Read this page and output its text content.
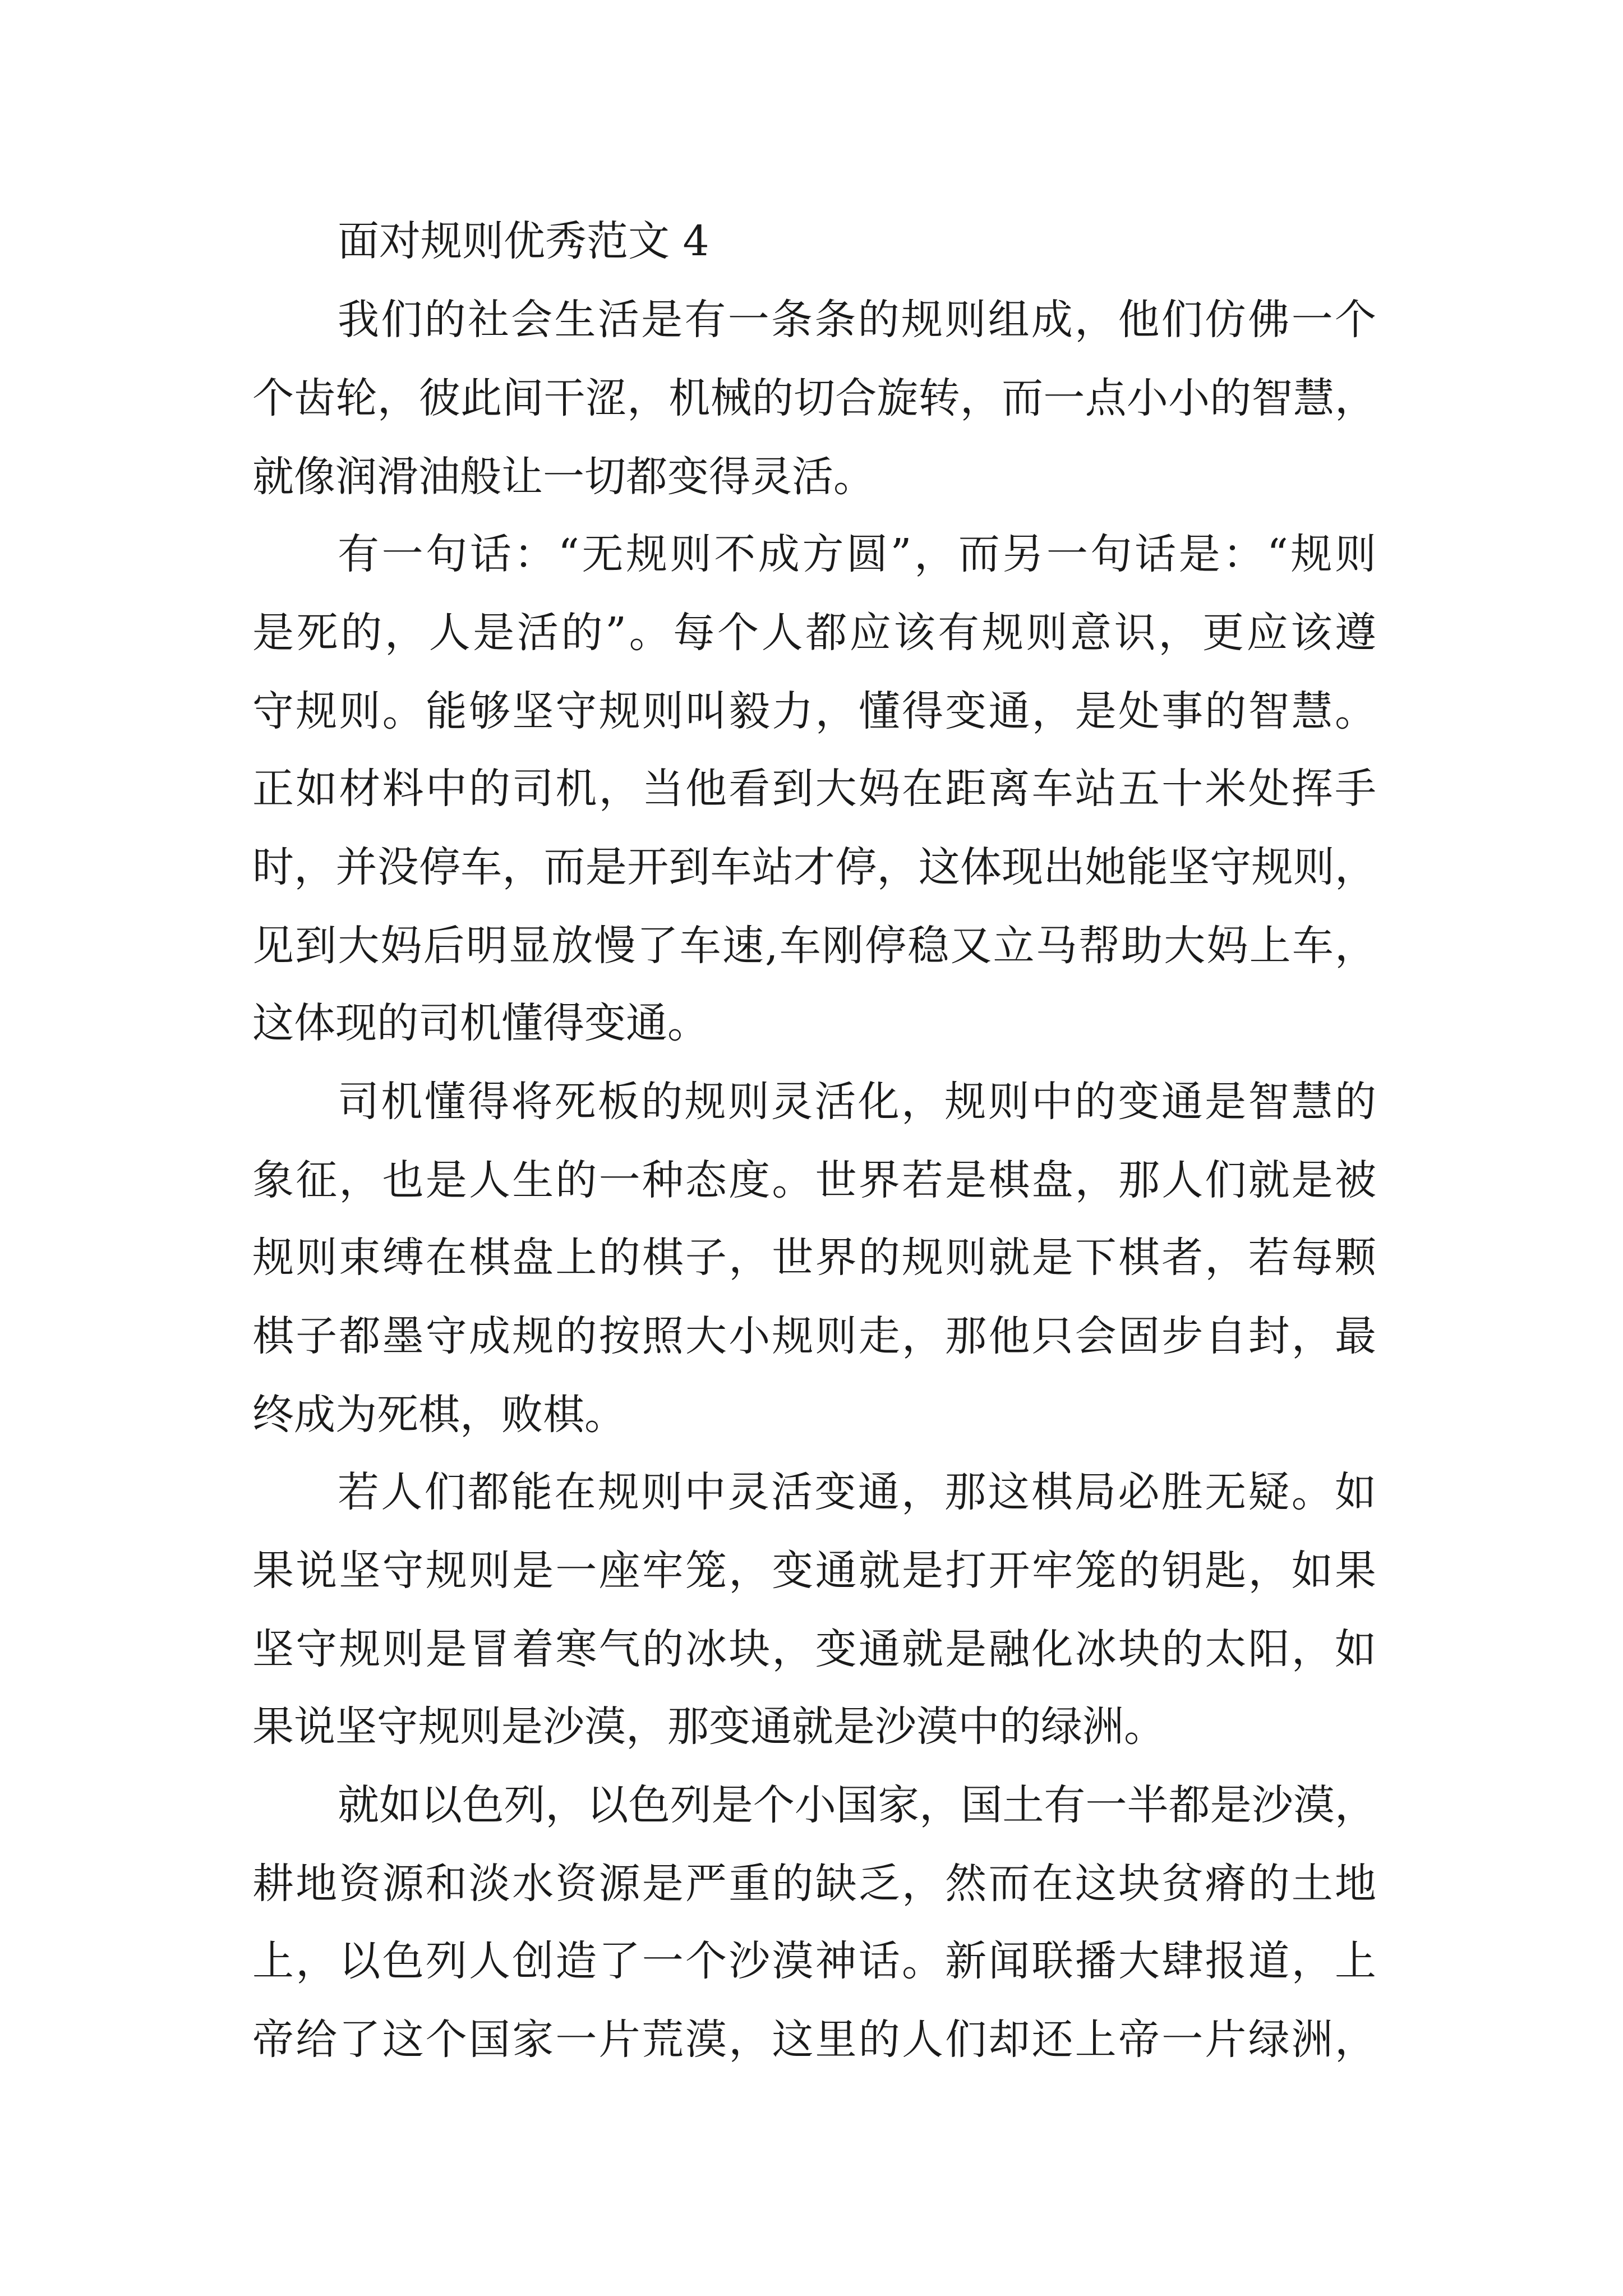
面对规则优秀范文 4
我们的社会生活是有一条条的规则组成，他们仿佛一个
个齿轮，彼此间干涩，机械的切合旋转，而一点小小的智慧，
就像润滑油般让一切都变得灵活。
有一句话：“无规则不成方圆”，而另一句话是：“规则
是死的，人是活的”。每个人都应该有规则意识，更应该遵
守规则。能够坚守规则叫毅力，懂得变通，是处事的智慧。
正如材料中的司机，当他看到大妈在距离车站五十米处挥手
时，并没停车，而是开到车站才停，这体现出她能坚守规则，
见到大妈后明显放慢了车速,车刚停稳又立马帮助大妈上车，
这体现的司机懂得变通。
司机懂得将死板的规则灵活化，规则中的变通是智慧的
象征，也是人生的一种态度。世界若是棋盘，那人们就是被
规则束缚在棋盘上的棋子，世界的规则就是下棋者，若每颗
棋子都墨守成规的按照大小规则走，那他只会固步自封，最
终成为死棋，败棋。
若人们都能在规则中灵活变通，那这棋局必胜无疑。如
果说坚守规则是一座牢笼，变通就是打开牢笼的钥匙，如果
坚守规则是冒着寒气的冰块，变通就是融化冰块的太阳，如
果说坚守规则是沙漠，那变通就是沙漠中的绿洲。
就如以色列，以色列是个小国家，国土有一半都是沙漠，
耕地资源和淡水资源是严重的缺乏，然而在这块贫瘠的土地
上，以色列人创造了一个沙漠神话。新闻联播大肆报道，上
帝给了这个国家一片荒漠，这里的人们却还上帝一片绿洲，
